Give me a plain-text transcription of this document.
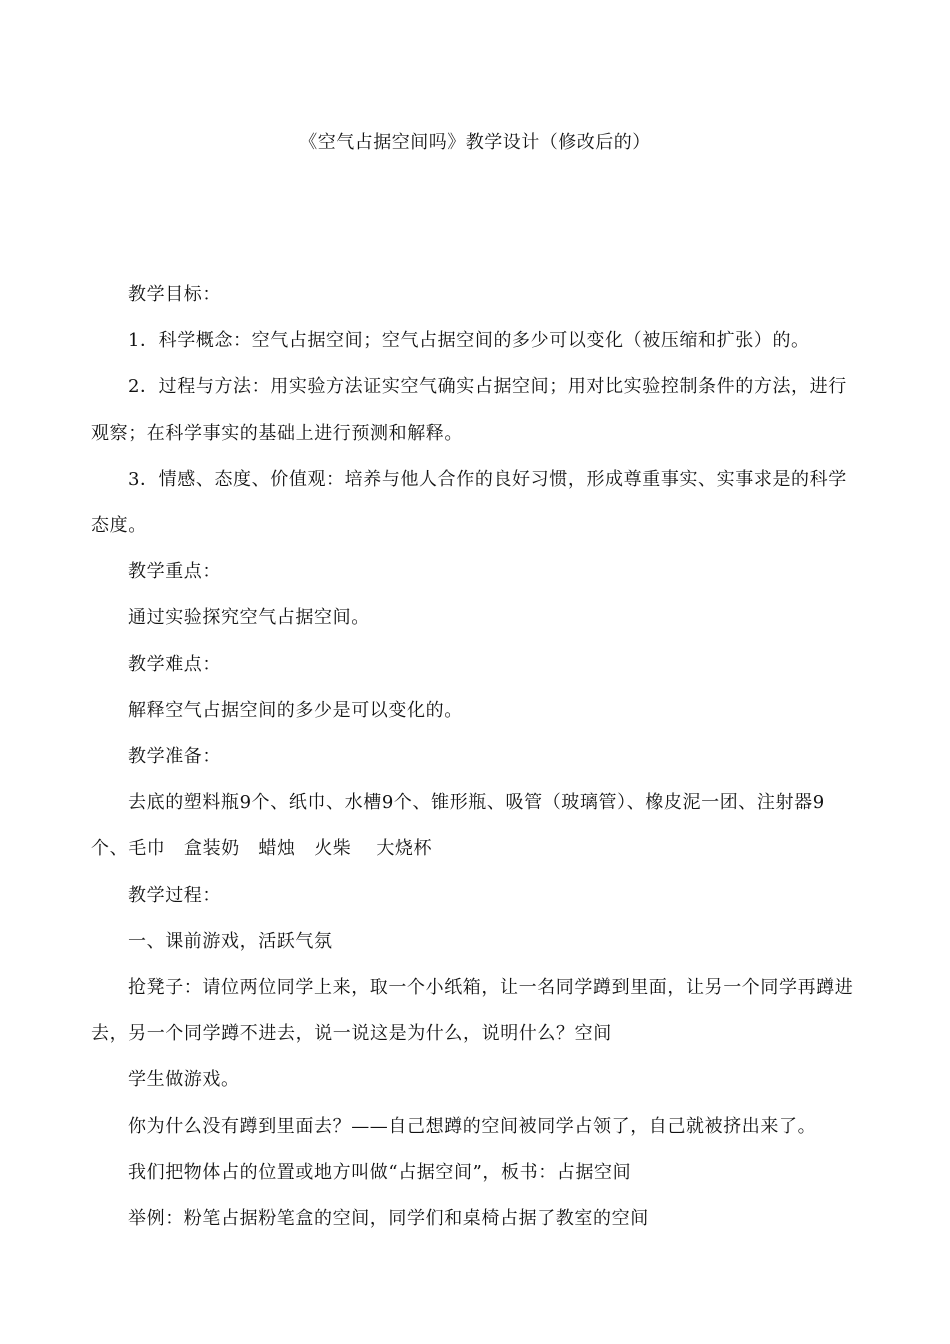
《空气占据空间吗》教学设计（修改后的）

教学目标：

1．科学概念：空气占据空间；空气占据空间的多少可以变化（被压缩和扩张）的。

2．过程与方法：用实验方法证实空气确实占据空间；用对比实验控制条件的方法，进行观察；在科学事实的基础上进行预测和解释。

3．情感、态度、价值观：培养与他人合作的良好习惯，形成尊重事实、实事求是的科学态度。

教学重点：

通过实验探究空气占据空间。

教学难点：

解释空气占据空间的多少是可以变化的。

教学准备：

去底的塑料瓶9个、纸巾、水槽9个、锥形瓶、吸管（玻璃管）、橡皮泥一团、注射器9个、毛巾　盒装奶　蜡烛　火柴　 大烧杯

教学过程：

一、课前游戏，活跃气氛

抢凳子：请位两位同学上来，取一个小纸箱，让一名同学蹲到里面，让另一个同学再蹲进去，另一个同学蹲不进去，说一说这是为什么，说明什么？空间

学生做游戏。

你为什么没有蹲到里面去？——自己想蹲的空间被同学占领了，自己就被挤出来了。

我们把物体占的位置或地方叫做“占据空间”，板书：占据空间

举例：粉笔占据粉笔盒的空间，同学们和桌椅占据了教室的空间
